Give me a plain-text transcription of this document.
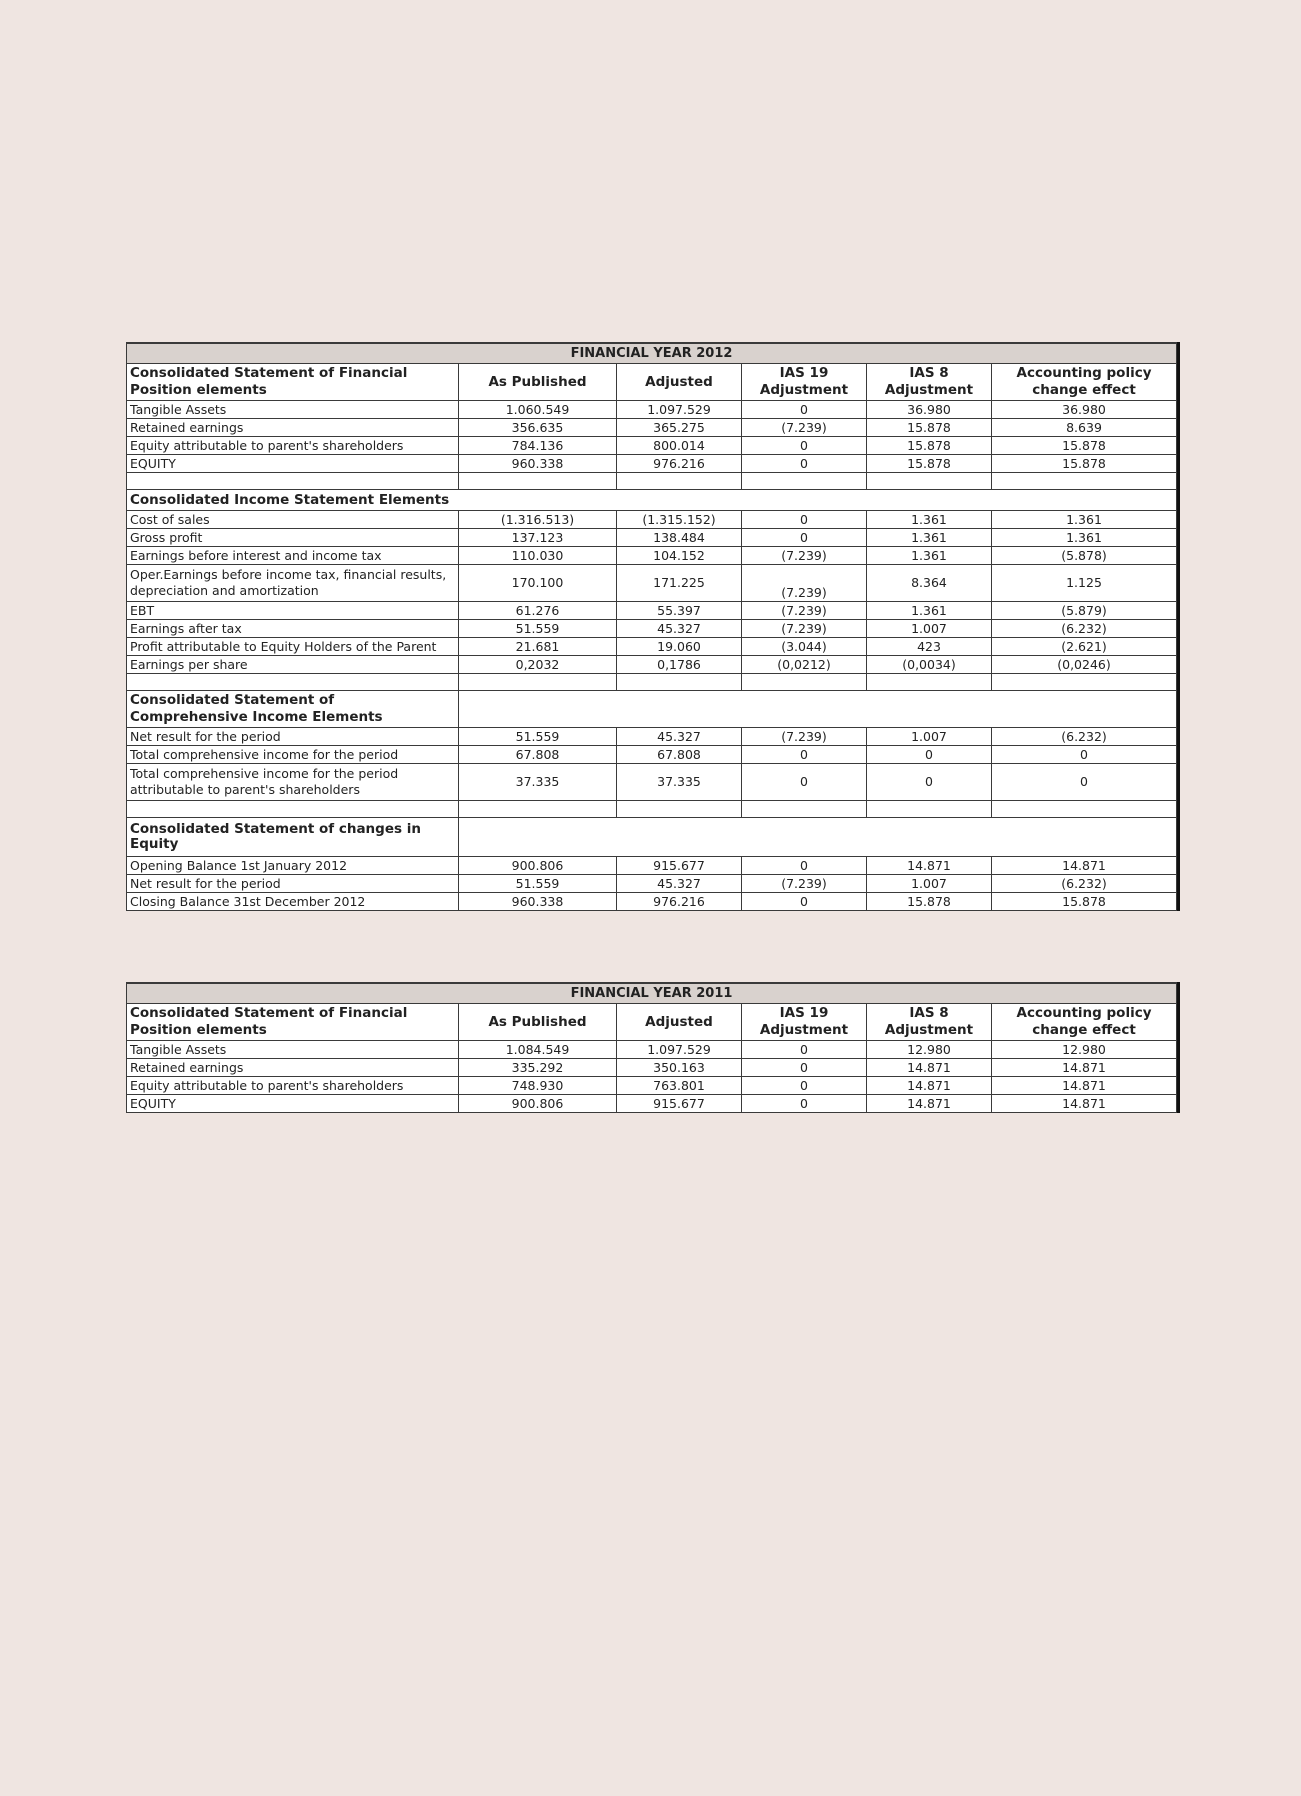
FINANCIAL YEAR 2012					
Consolidated Statement of Financial Position elements	As Published	Adjusted	IAS 19 Adjustment	IAS 8 Adjustment	Accounting policy change effect
Tangible Assets	1.060.549	1.097.529	0	36.980	36.980
Retained earnings	356.635	365.275	(7.239)	15.878	8.639
Equity attributable to parent's shareholders	784.136	800.014	0	15.878	15.878
EQUITY	960.338	976.216	0	15.878	15.878

Consolidated Income Statement Elements					
Cost of sales	(1.316.513)	(1.315.152)	0	1.361	1.361
Gross profit	137.123	138.484	0	1.361	1.361
Earnings before interest and income tax	110.030	104.152	(7.239)	1.361	(5.878)
Oper.Earnings before income tax, financial results, depreciation and amortization	170.100	171.225	(7.239)	8.364	1.125
EBT	61.276	55.397	(7.239)	1.361	(5.879)
Earnings after tax	51.559	45.327	(7.239)	1.007	(6.232)
Profit attributable to Equity Holders of the Parent	21.681	19.060	(3.044)	423	(2.621)
Earnings per share	0,2032	0,1786	(0,0212)	(0,0034)	(0,0246)

Consolidated Statement of Comprehensive Income Elements					
Net result for the period	51.559	45.327	(7.239)	1.007	(6.232)
Total comprehensive income for the period	67.808	67.808	0	0	0
Total comprehensive income for the period attributable to parent's shareholders	37.335	37.335	0	0	0

Consolidated Statement of changes in Equity					
Opening Balance 1st January 2012	900.806	915.677	0	14.871	14.871
Net result for the period	51.559	45.327	(7.239)	1.007	(6.232)
Closing Balance 31st December 2012	960.338	976.216	0	15.878	15.878
FINANCIAL YEAR 2011					
Consolidated Statement of Financial Position elements	As Published	Adjusted	IAS 19 Adjustment	IAS 8 Adjustment	Accounting policy change effect
Tangible Assets	1.084.549	1.097.529	0	12.980	12.980
Retained earnings	335.292	350.163	0	14.871	14.871
Equity attributable to parent's shareholders	748.930	763.801	0	14.871	14.871
EQUITY	900.806	915.677	0	14.871	14.871
